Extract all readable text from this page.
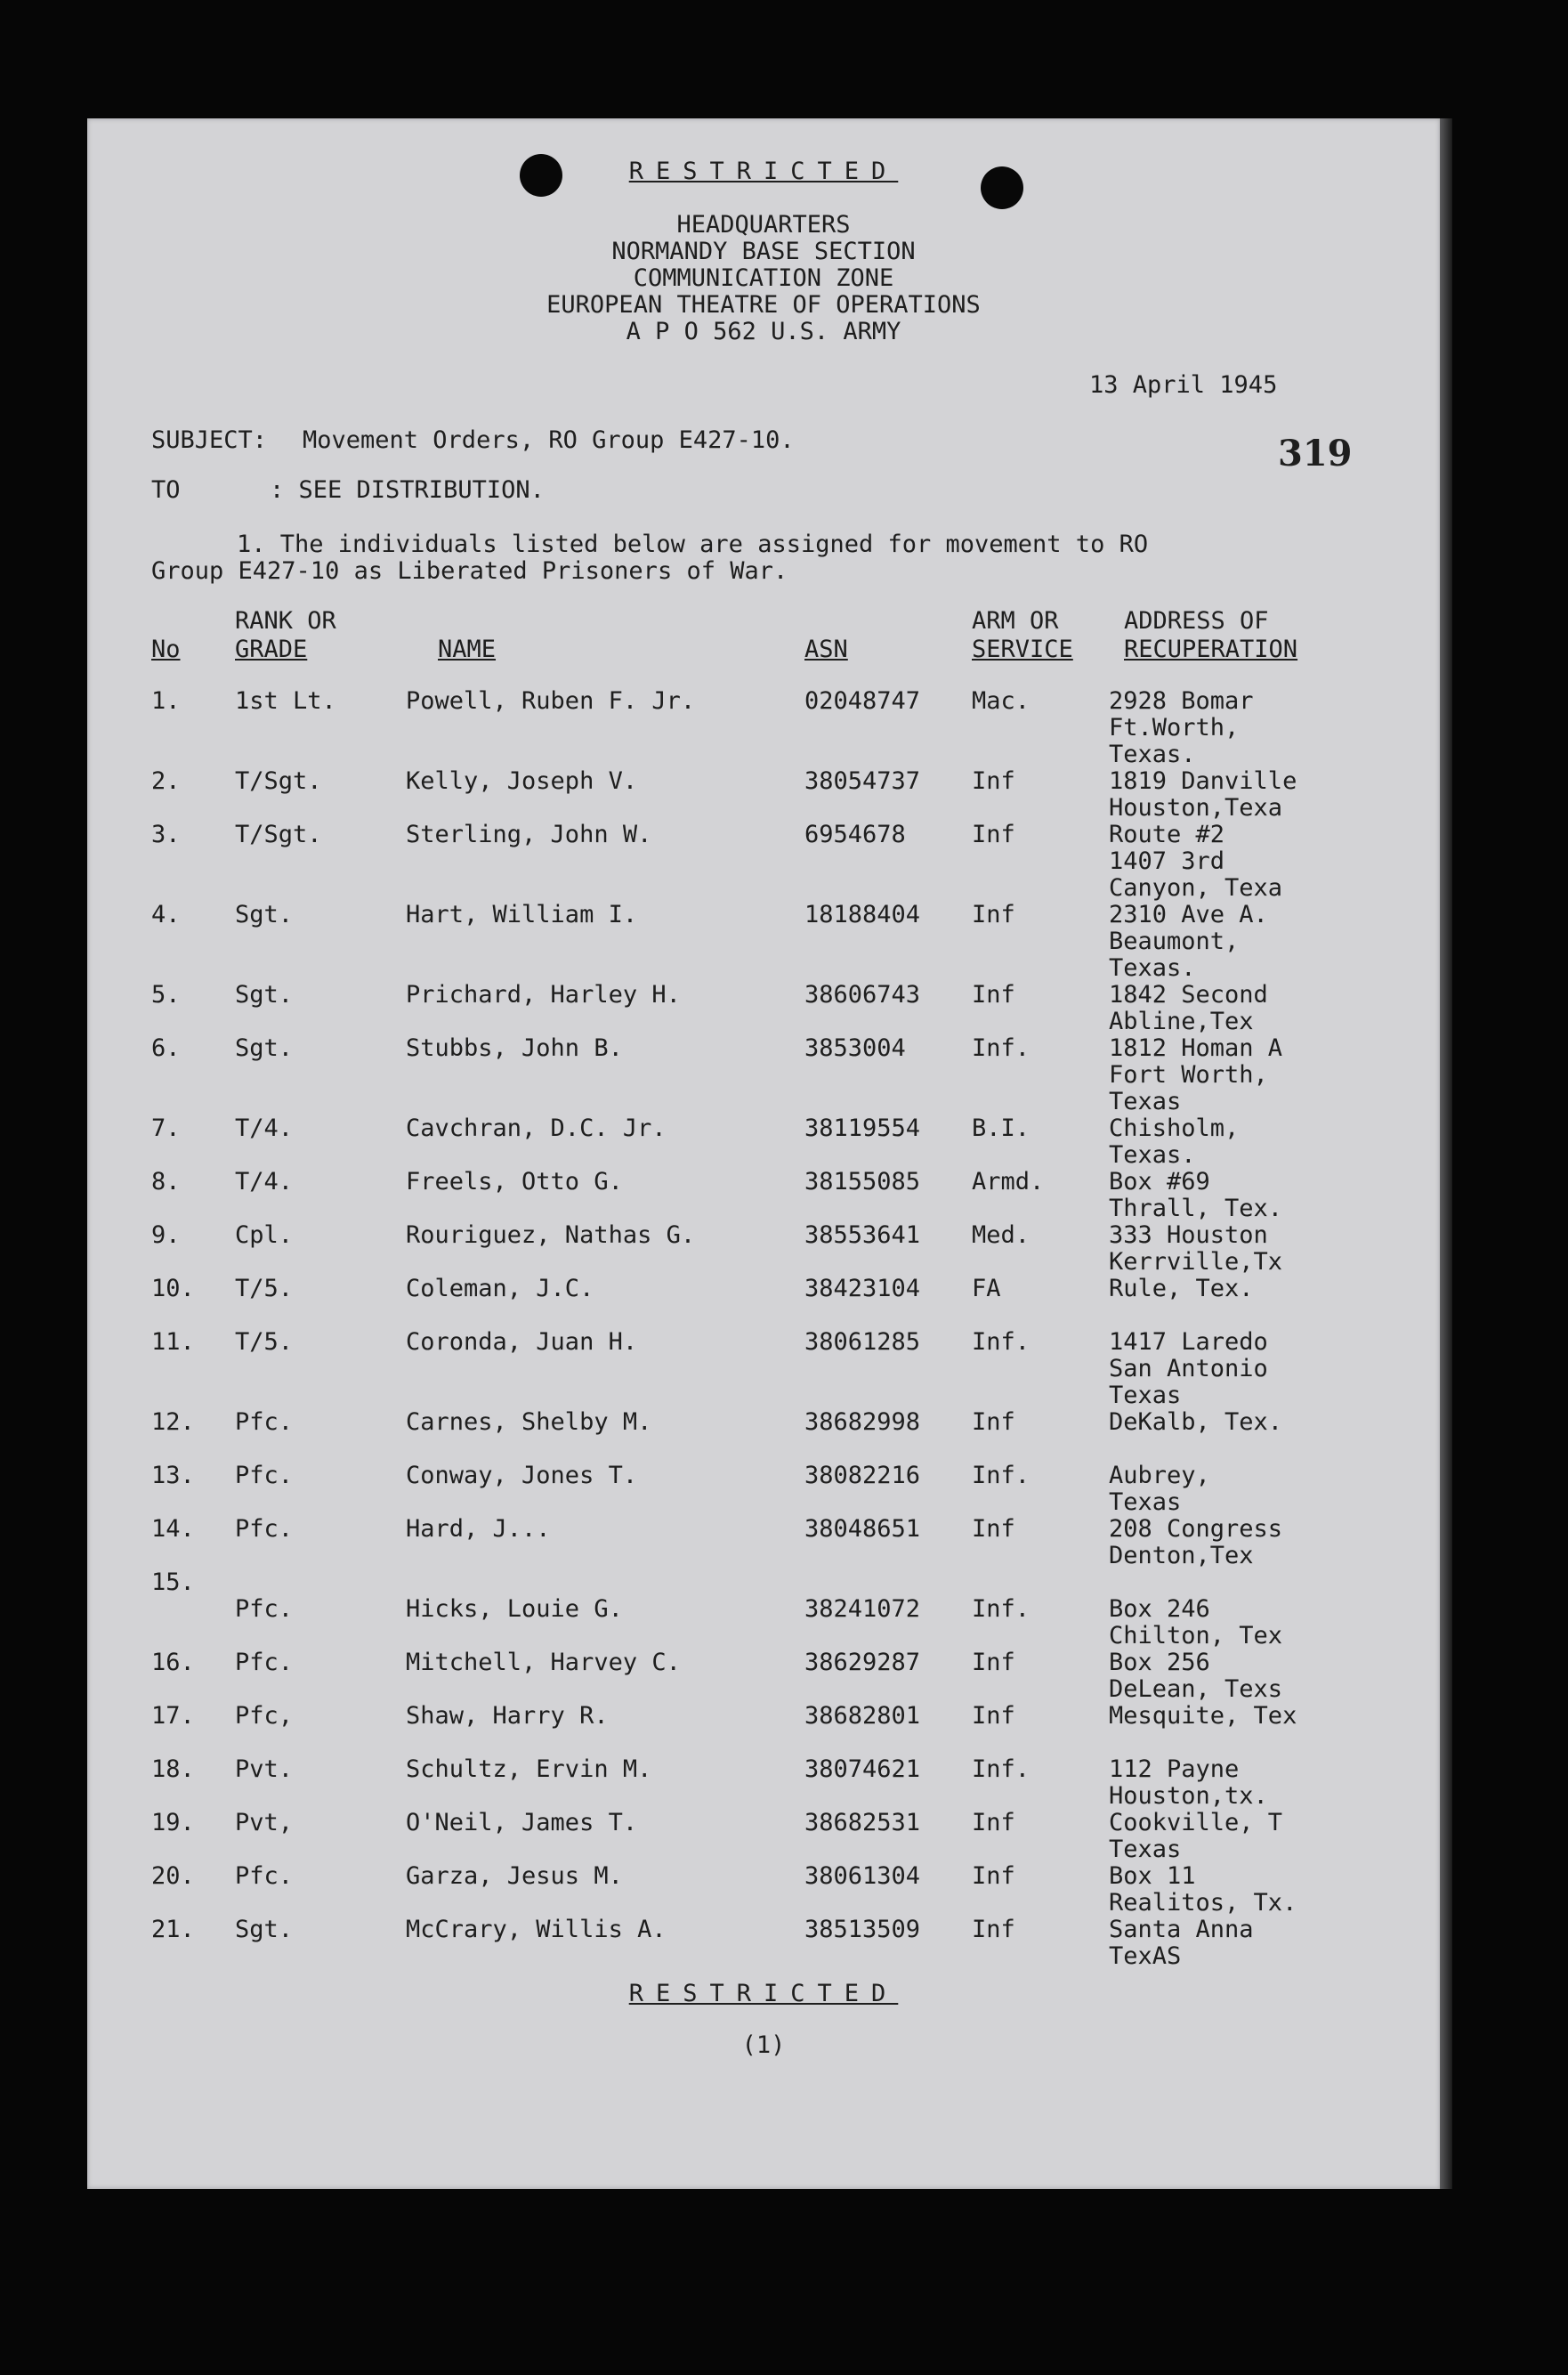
RESTRICTED
HEADQUARTERS
NORMANDY BASE SECTION
COMMUNICATION ZONE
EUROPEAN THEATRE OF OPERATIONS
A P O 562 U.S. ARMY
13 April 1945
SUBJECT: Movement Orders, RO Group E427-10.	319
TO	: SEE DISTRIBUTION.
1. The individuals listed below are assigned for movement to RO
Group E427-10 as Liberated Prisoners of War.
RANK OR	ARM OR	ADDRESS OF
No GRADE	NAME	ASN	SERVICE RECUPERATION
1. 1st Lt.	Powell, Ruben F. Jr.	02048747 Mac.	2928 Bomar
Ft.Worth,
Texas.
2. T/Sgt.	Kelly, Joseph V.	38054737 Inf	1819 Danville
Houston,Texa
3. T/Sgt.	Sterling, John W.	6954678	Inf	Route #2
1407 3rd
Canyon, Texa
4. Sgt.	Hart, William I.	18188404 Inf	2310 Ave A.
Beaumont,
Texas.
5. Sgt.	Prichard, Harley H.	38606743 Inf	1842 Second
Abline,Tex
6. Sgt.	Stubbs, John B.	3853004	Inf.	1812 Homan A
Fort Worth,
Texas
7. T/4.	Cavchran, D.C. Jr.	38119554 B.I.	Chisholm,
Texas.
8. T/4.	Freels, Otto G.	38155085 Armd.	Box #69
Thrall, Tex.
9. Cpl.	Rouriguez, Nathas G.	38553641 Med.	333 Houston
Kerrville,Tx
10. T/5.	Coleman, J.C.	38423104 FA	Rule, Tex.
11. T/5.	Coronda, Juan H.	38061285 Inf.	1417 Laredo
San Antonio
Texas
12. Pfc.	Carnes, Shelby M.	38682998 Inf	DeKalb, Tex.
13. Pfc.	Conway, Jones T.	38082216 Inf.	Aubrey,
Texas
14. Pfc.	Hard, J...	38048651 Inf	208 Congress
Denton,Tex
15.
Pfc.	Hicks, Louie G.	38241072 Inf.	Box 246
Chilton, Tex
16. Pfc.	Mitchell, Harvey C.	38629287 Inf	Box 256
DeLean, Texs
17. Pfc,	Shaw, Harry R.	38682801 Inf	Mesquite, Tex
18. Pvt.	Schultz, Ervin M.	38074621 Inf.	112 Payne
Houston,tx.
19. Pvt,	O'Neil, James T.	38682531 Inf	Cookville, T
Texas
20. Pfc.	Garza, Jesus M.	38061304 Inf	Box 11
Realitos, Tx.
21. Sgt.	McCrary, Willis A.	38513509 Inf	Santa Anna
TexAS
RESTRICTED
(1)
